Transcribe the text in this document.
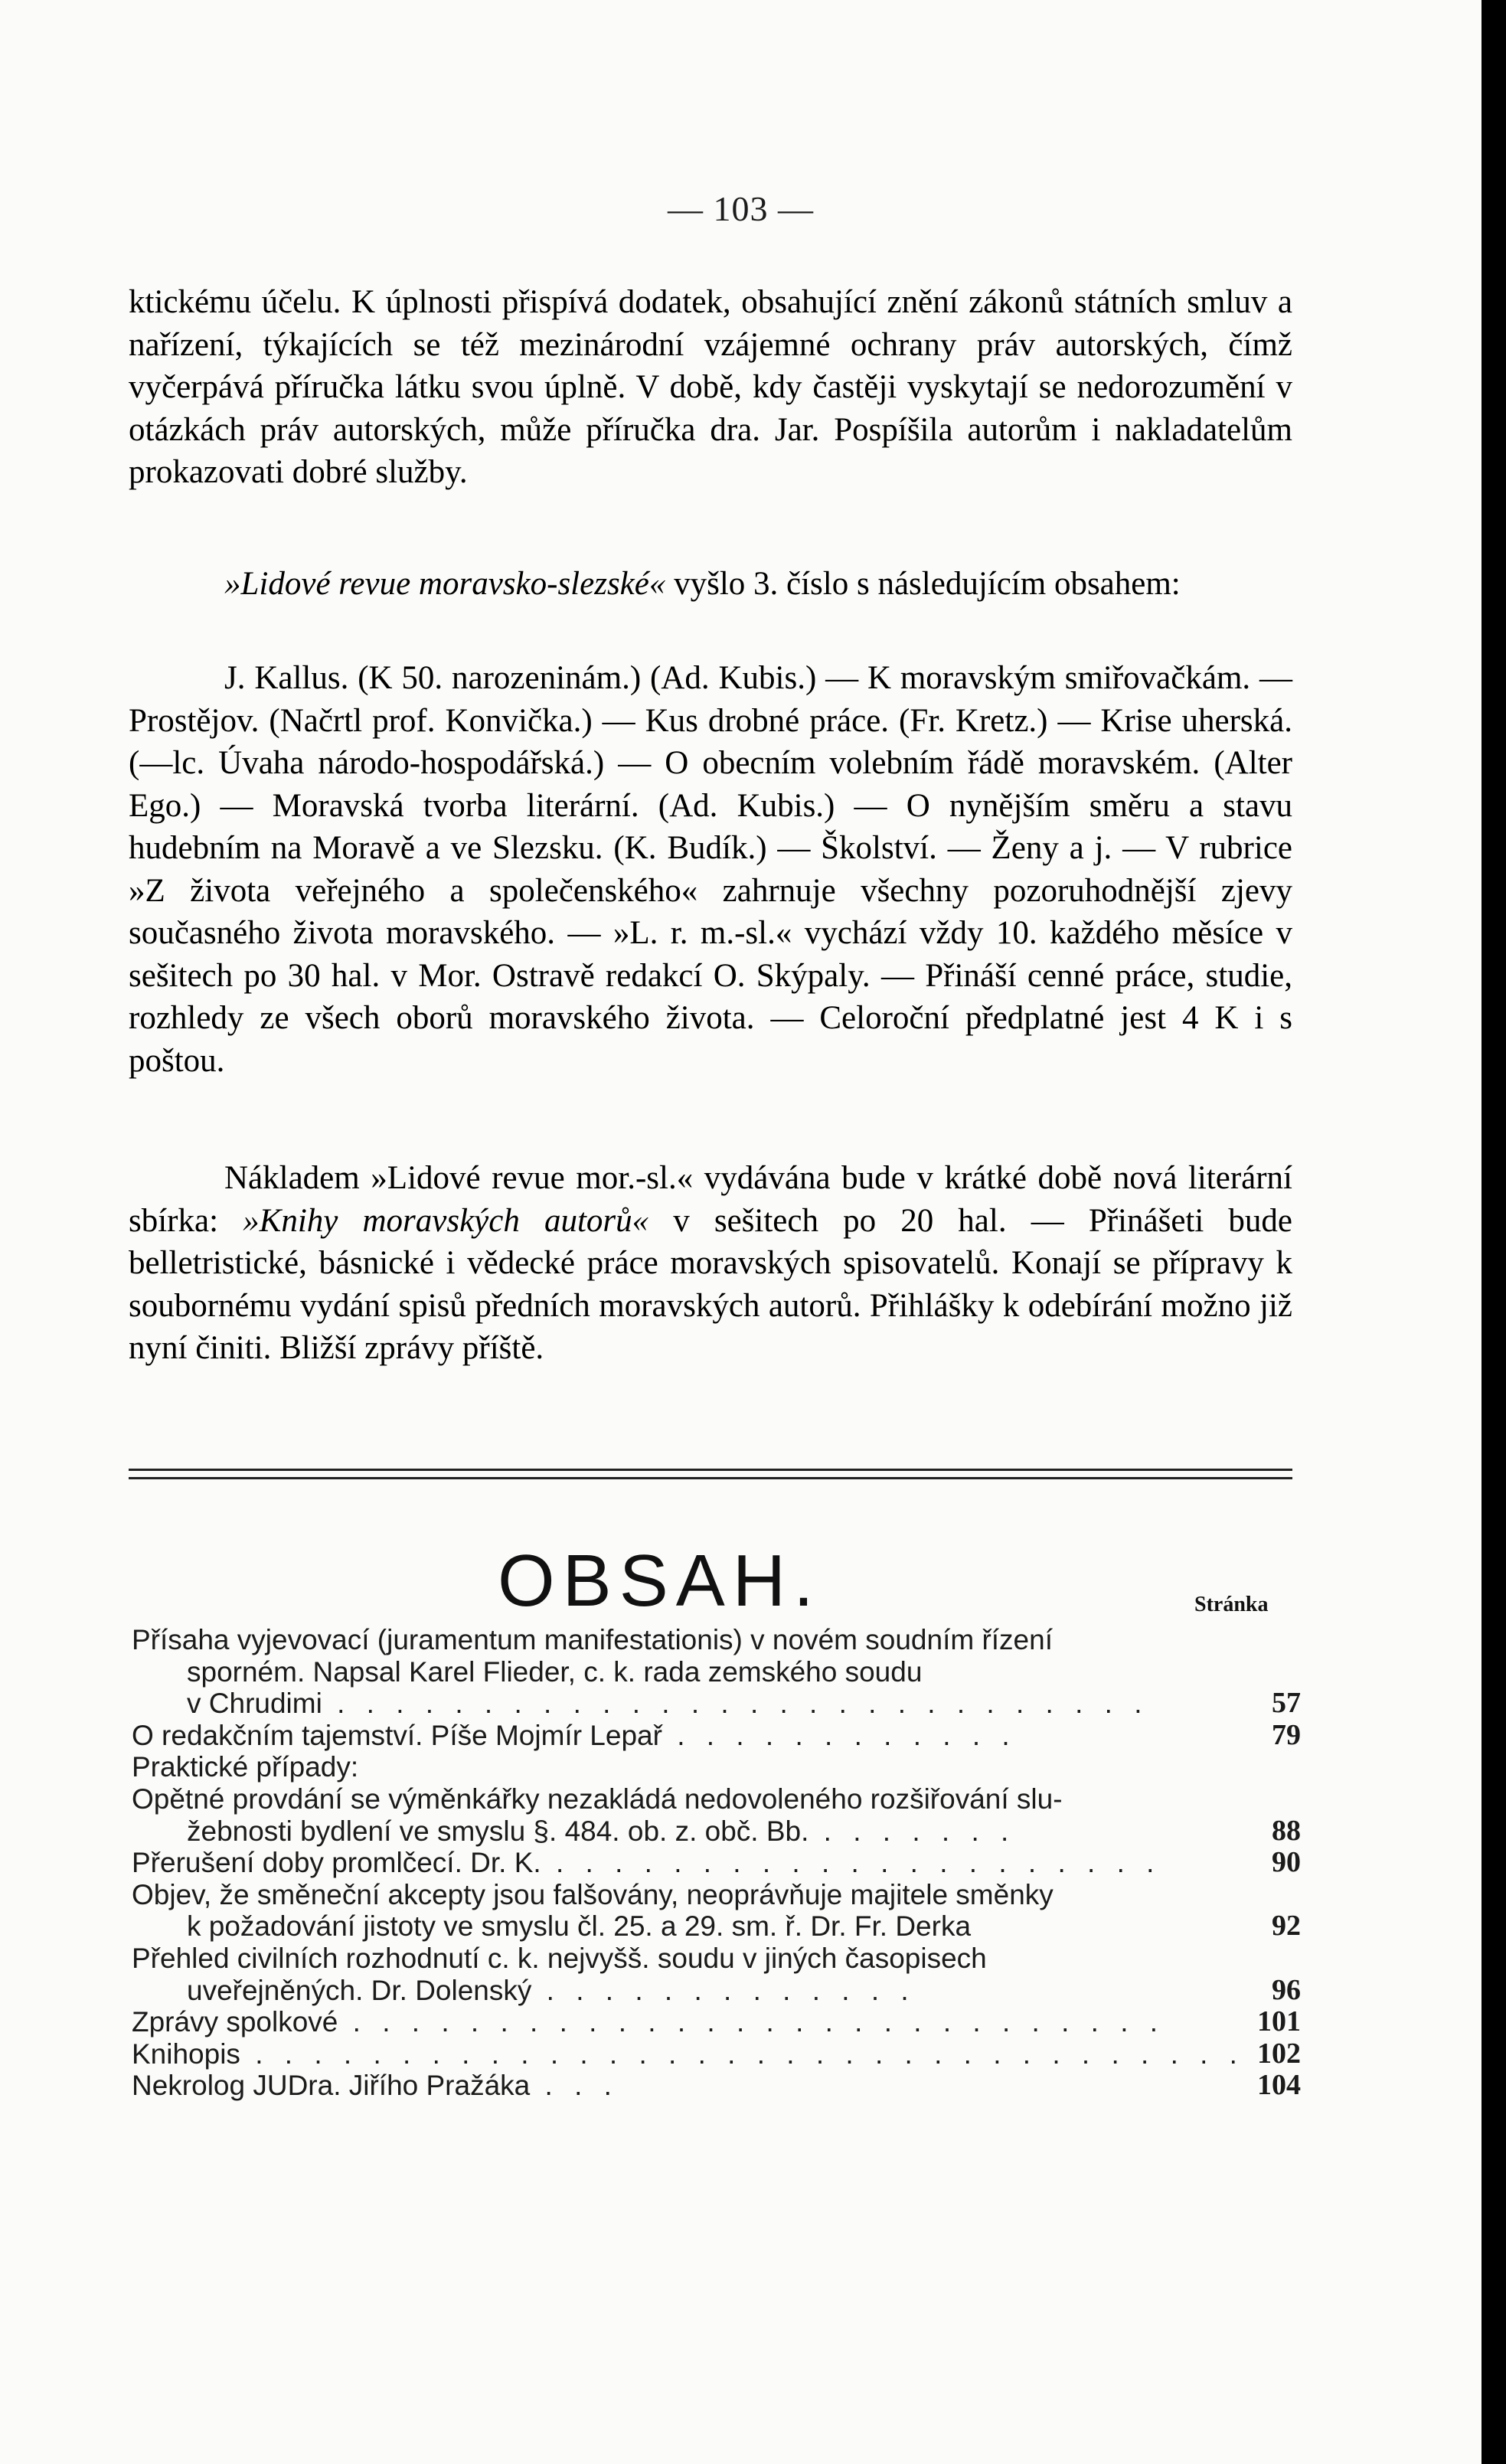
— 103 —

ktickému účelu. K úplnosti přispívá dodatek, obsahující znění zákonů státních smluv a nařízení, týkajících se též mezinárodní vzájemné ochrany práv autorských, čímž vyčerpává příručka látku svou úplně. V době, kdy častěji vyskytají se nedorozumění v otázkách práv autorských, může příručka dra. Jar. Pospíšila autorům i nakladatelům prokazovati dobré služby.

»Lidové revue moravsko-slezské« vyšlo 3. číslo s následujícím obsahem:

J. Kallus. (K 50. narozeninám.) (Ad. Kubis.) — K moravským smiřovačkám. — Prostějov. (Načrtl prof. Konvička.) — Kus drobné práce. (Fr. Kretz.) — Krise uherská. (—lc. Úvaha národo-hospodářská.) — O obecním volebním řádě moravském. (Alter Ego.) — Moravská tvorba literární. (Ad. Kubis.) — O nynějším směru a stavu hudebním na Moravě a ve Slezsku. (K. Budík.) — Školství. — Ženy a j. — V rubrice »Z života veřejného a společenského« zahrnuje všechny pozoruhodnější zjevy současného života moravského. — »L. r. m.-sl.« vychází vždy 10. každého měsíce v sešitech po 30 hal. v Mor. Ostravě redakcí O. Skýpaly. — Přináší cenné práce, studie, rozhledy ze všech oborů moravského života. — Celoroční předplatné jest 4 K i s poštou.

Nákladem »Lidové revue mor.-sl.« vydávána bude v krátké době nová literární sbírka: »Knihy moravských autorů« v sešitech po 20 hal. — Přinášeti bude belletristické, básnické i vědecké práce moravských spisovatelů. Konají se přípravy k soubornému vydání spisů předních moravských autorů. Přihlášky k odebírání možno již nyní činiti. Bližší zprávy příště.

OBSAH.	Stránka
Přísaha vyjevovací (juramentum manifestationis) v novém soudním řízení
sporném. Napsal Karel Flieder, c. k. rada zemského soudu
v Chrudimi . . . . . . . . . . . . . . . . . . . . . . . . . . . .	57
O redakčním tajemství. Píše Mojmír Lepař . . . . . . . . . . . .	79
Praktické případy:
Opětné provdání se výměnkářky nezakládá nedovoleného rozšiřování slu-
žebnosti bydlení ve smyslu §. 484. ob. z. obč. Bb. . . . . . . .	88
Přerušení doby promlčecí. Dr. K. . . . . . . . . . . . . . . . . . . . . .	90
Objev, že směneční akcepty jsou falšovány, neoprávňuje majitele směnky
k požadování jistoty ve smyslu čl. 25. a 29. sm. ř. Dr. Fr. Derka	92
Přehled civilních rozhodnutí c. k. nejvyšš. soudu v jiných časopisech
uveřejněných. Dr. Dolenský . . . . . . . . . . . . .	96
Zprávy spolkové . . . . . . . . . . . . . . . . . . . . . . . . . . . .	101
Knihopis . . . . . . . . . . . . . . . . . . . . . . . . . . . . . . . . . . 102
Nekrolog JUDra. Jiřího Pražáka . . .	104
